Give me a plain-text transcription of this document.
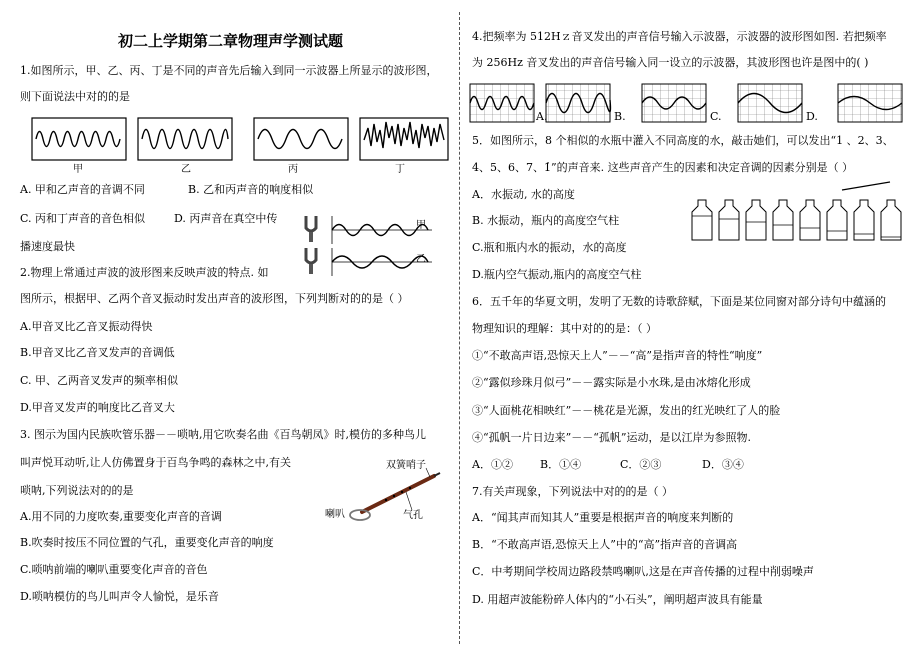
初二上学期第二章物理声学测试题
1.如图所示，甲、乙、丙、丁是不同的声音先后输入到同一示波器上所显示的波形图，
则下面说法中对的的是
甲	乙	丙	丁
A. 甲和乙声音的音调不同	B. 乙和丙声音的响度相似
C. 丙和丁声音的音色相似	D. 丙声音在真空中传
播速度最快
甲
乙
2.物理上常通过声波的波形图来反映声波的特点. 如
图所示，根据甲、乙两个音叉振动时发出声音的波形图，下列判断对的的是（ ）
A.甲音叉比乙音叉振动得快
B.甲音叉比乙音叉发声的音调低
C. 甲、乙两音叉发声的频率相似
D.甲音叉发声的响度比乙音叉大
3. 图示为国内民族吹管乐器－－唢呐,用它吹奏名曲《百鸟朝凤》时,模仿的多种鸟儿
叫声悦耳动听,让人仿佛置身于百鸟争鸣的森林之中,有关
唢呐,下列说法对的的是
双簧哨子
喇叭	气孔
A.用不同的力度吹奏,重要变化声音的音调
B.吹奏时按压不同位置的气孔，重要变化声音的响度
C.唢呐前端的喇叭重要变化声音的音色
D.唢呐模仿的鸟儿叫声令人愉悦，是乐音
4.把频率为 512Hｚ音叉发出的声音信号输入示波器，示波器的波形图如图. 若把频率
为 256Hz 音叉发出的声音信号输入同一设立的示波器，其波形图也许是图中的( )
A.	B.	C.	D.
5．如图所示，8 个相似的水瓶中灌入不同高度的水，敲击她们，可以发出“1 、2、3、
4、5、6、7、1̇”的声音来. 这些声音产生的因素和决定音调的因素分别是（ ）
A．水振动, 水的高度
B. 水振动，瓶内的高度空气柱
C.瓶和瓶内水的振动，水的高度
D.瓶内空气振动,瓶内的高度空气柱
6．五千年的华夏文明，发明了无数的诗歌辞赋，下面是某位同窗对部分诗句中蕴涵的
物理知识的理解：其中对的的是：（ ）
①“不敢高声语,恐惊天上人”－－“高”是指声音的特性“响度”
②“露似珍珠月似弓”－－露实际是小水珠,是由冰熔化形成
③“人面桃花相映红”－－桃花是光源，发出的红光映红了人的脸
④“孤帆一片日边来”－－“孤帆”运动，是以江岸为参照物.
A．①② B．①④	C．②③	D．③④
7.有关声现象，下列说法中对的的是（ ）
A．“闻其声而知其人”重要是根据声音的响度来判断的
B．“不敢高声语,恐惊天上人”中的“高”指声音的音调高
C．中考期间学校周边路段禁鸣喇叭,这是在声音传播的过程中削弱噪声
D. 用超声波能粉碎人体内的“小石头”，阐明超声波具有能量
